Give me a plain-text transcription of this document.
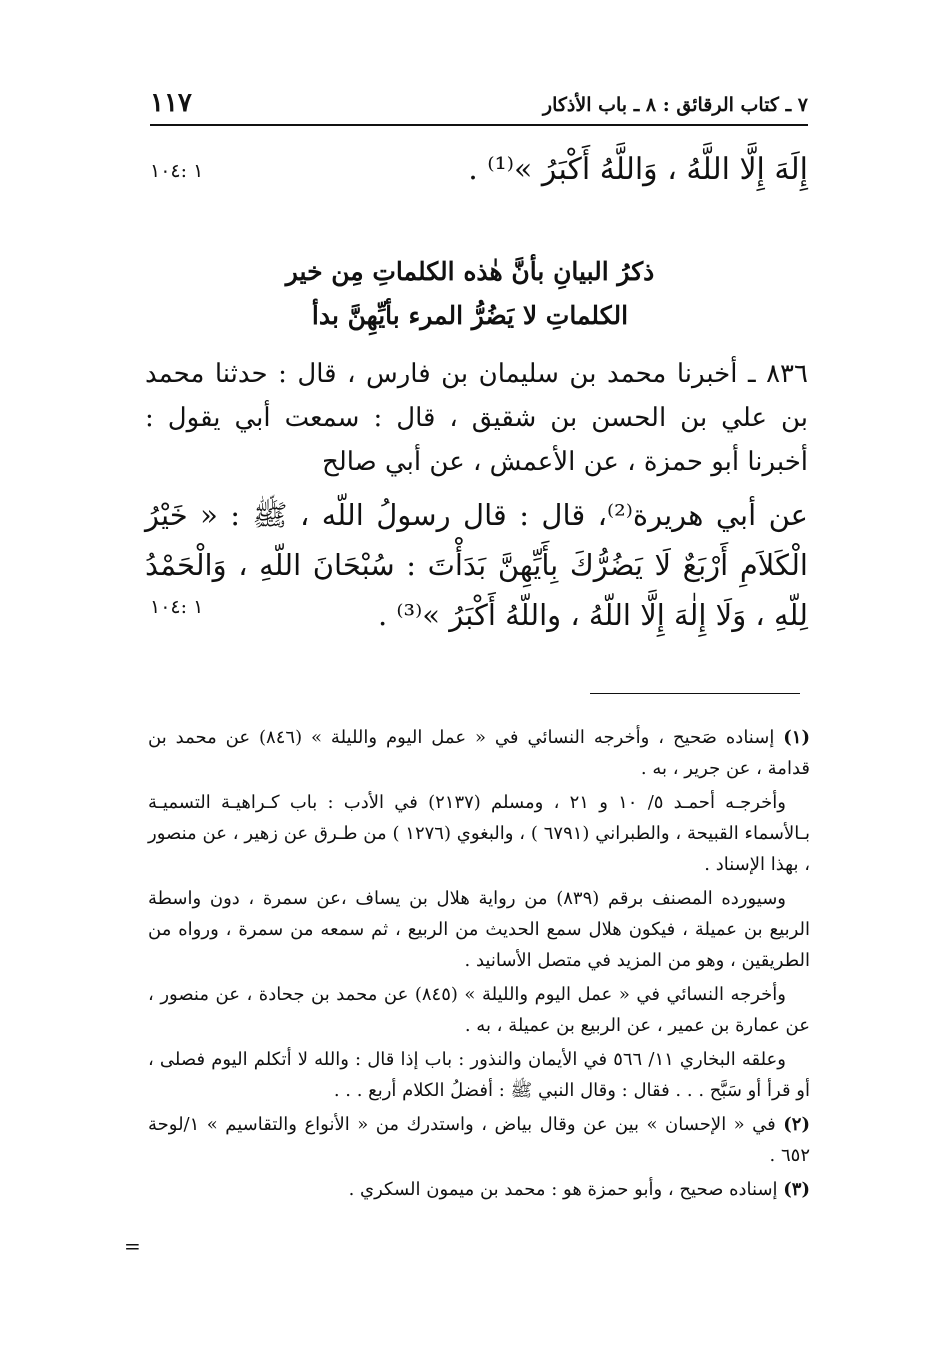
١١٧	٧ ـ كتاب الرقائق : ٨ ـ باب الأذكار
إِلَهَ إِلَّا اللَّهُ ، وَاللَّهُ أَكْبَرُ »⁽¹⁾ .
١ :١٠٤
ذكرُ البيانِ بأنَّ هٰذه الكلماتِ مِن خير
الكلماتِ لا يَضُرُّ المرء بأيِّهِنَّ بدأ
٨٣٦ ـ أخبرنا محمد بن سليمان بن فارس ، قال : حدثنا محمد بن علي بن الحسن بن شقيق ، قال : سمعت أبي يقول : أخبرنا أبو حمزة ، عن الأعمش ، عن أبي صالح
عن أبي هريرة⁽²⁾، قال : قال رسولُ اللّه ، ﷺ : « خَيْرُ الْكَلاَمِ أَرْبَعٌ لَا يَضُرُّكَ بِأَيِّهِنَّ بَدَأْتَ : سُبْحَانَ اللّهِ ، وَالْحَمْدُ لِلّهِ ، وَلَا إِلٰهَ إِلَّا اللّهُ ، واللّهُ أَكْبَرُ »⁽³⁾ .
١ :١٠٤
(١) إسناده صَحيح ، وأخرجه النسائي في « عمل اليوم والليلة » (٨٤٦) عن محمد بن قدامة ، عن جرير ، به .
وأخرجـه أحمـد ٥/ ١٠ و ٢١ ، ومسلم (٢١٣٧) في الأدب : باب كـراهيـة التسميـة بـالأسماء القبيحة ، والطبراني (٦٧٩١ ) ، والبغوي (١٢٧٦ ) من طـرق عن زهير ، عن منصور ، بهذا الإسناد .
وسيورده المصنف برقم (٨٣٩) من رواية هلال بن يساف ،عن سمرة ، دون واسطة الربيع بن عميلة ، فيكون هلال سمع الحديث من الربيع ، ثم سمعه من سمرة ، ورواه من الطريقين ، وهو من المزيد في متصل الأسانيد .
وأخرجه النسائي في « عمل اليوم والليلة » (٨٤٥) عن محمد بن جحادة ، عن منصور ، عن عمارة بن عمير ، عن الربيع بن عميلة ، به .
وعلقه البخاري ١١/ ٥٦٦ في الأيمان والنذور : باب إذا قال : والله لا أتكلم اليوم فصلى ، أو قرأ أو سَبَّح . . . فقال : وقال النبي ﷺ : أفضلُ الكلام أربع . . .
(٢) في « الإحسان » بين عن وقال بياض ، واستدرك من « الأنواع والتقاسيم » ١/لوحة ٦٥٢ .
(٣) إسناده صحيح ، وأبو حمزة هو : محمد بن ميمون السكري .
=
